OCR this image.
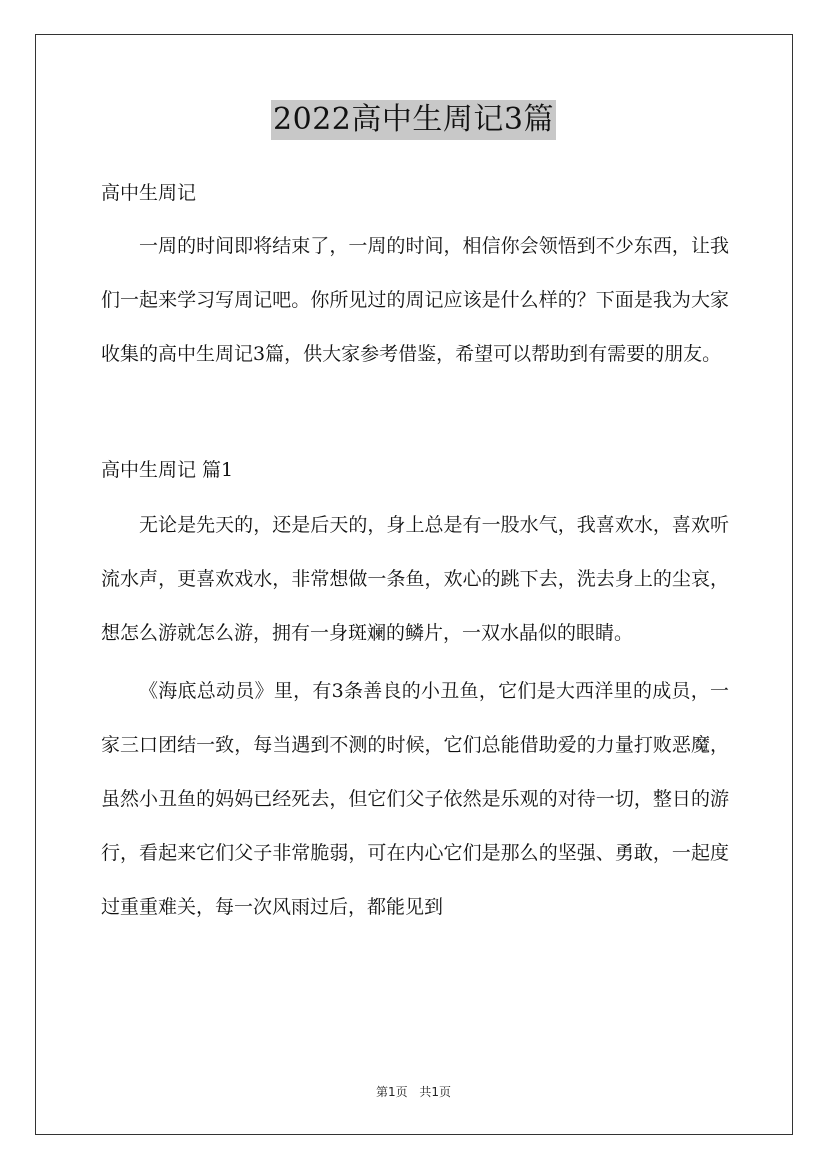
2022高中生周记3篇

高中生周记

一周的时间即将结束了，一周的时间，相信你会领悟到不少东西，让我们一起来学习写周记吧。你所见过的周记应该是什么样的？下面是我为大家收集的高中生周记3篇，供大家参考借鉴，希望可以帮助到有需要的朋友。

高中生周记 篇1

无论是先天的，还是后天的，身上总是有一股水气，我喜欢水，喜欢听流水声，更喜欢戏水，非常想做一条鱼，欢心的跳下去，洗去身上的尘哀，想怎么游就怎么游，拥有一身斑斓的鳞片，一双水晶似的眼睛。

《海底总动员》里，有3条善良的小丑鱼，它们是大西洋里的成员，一家三口团结一致，每当遇到不测的时候，它们总能借助爱的力量打败恶魔，虽然小丑鱼的妈妈已经死去，但它们父子依然是乐观的对待一切，整日的游行，看起来它们父子非常脆弱，可在内心它们是那么的坚强、勇敢，一起度过重重难关，每一次风雨过后，都能见到

第1页 共1页
